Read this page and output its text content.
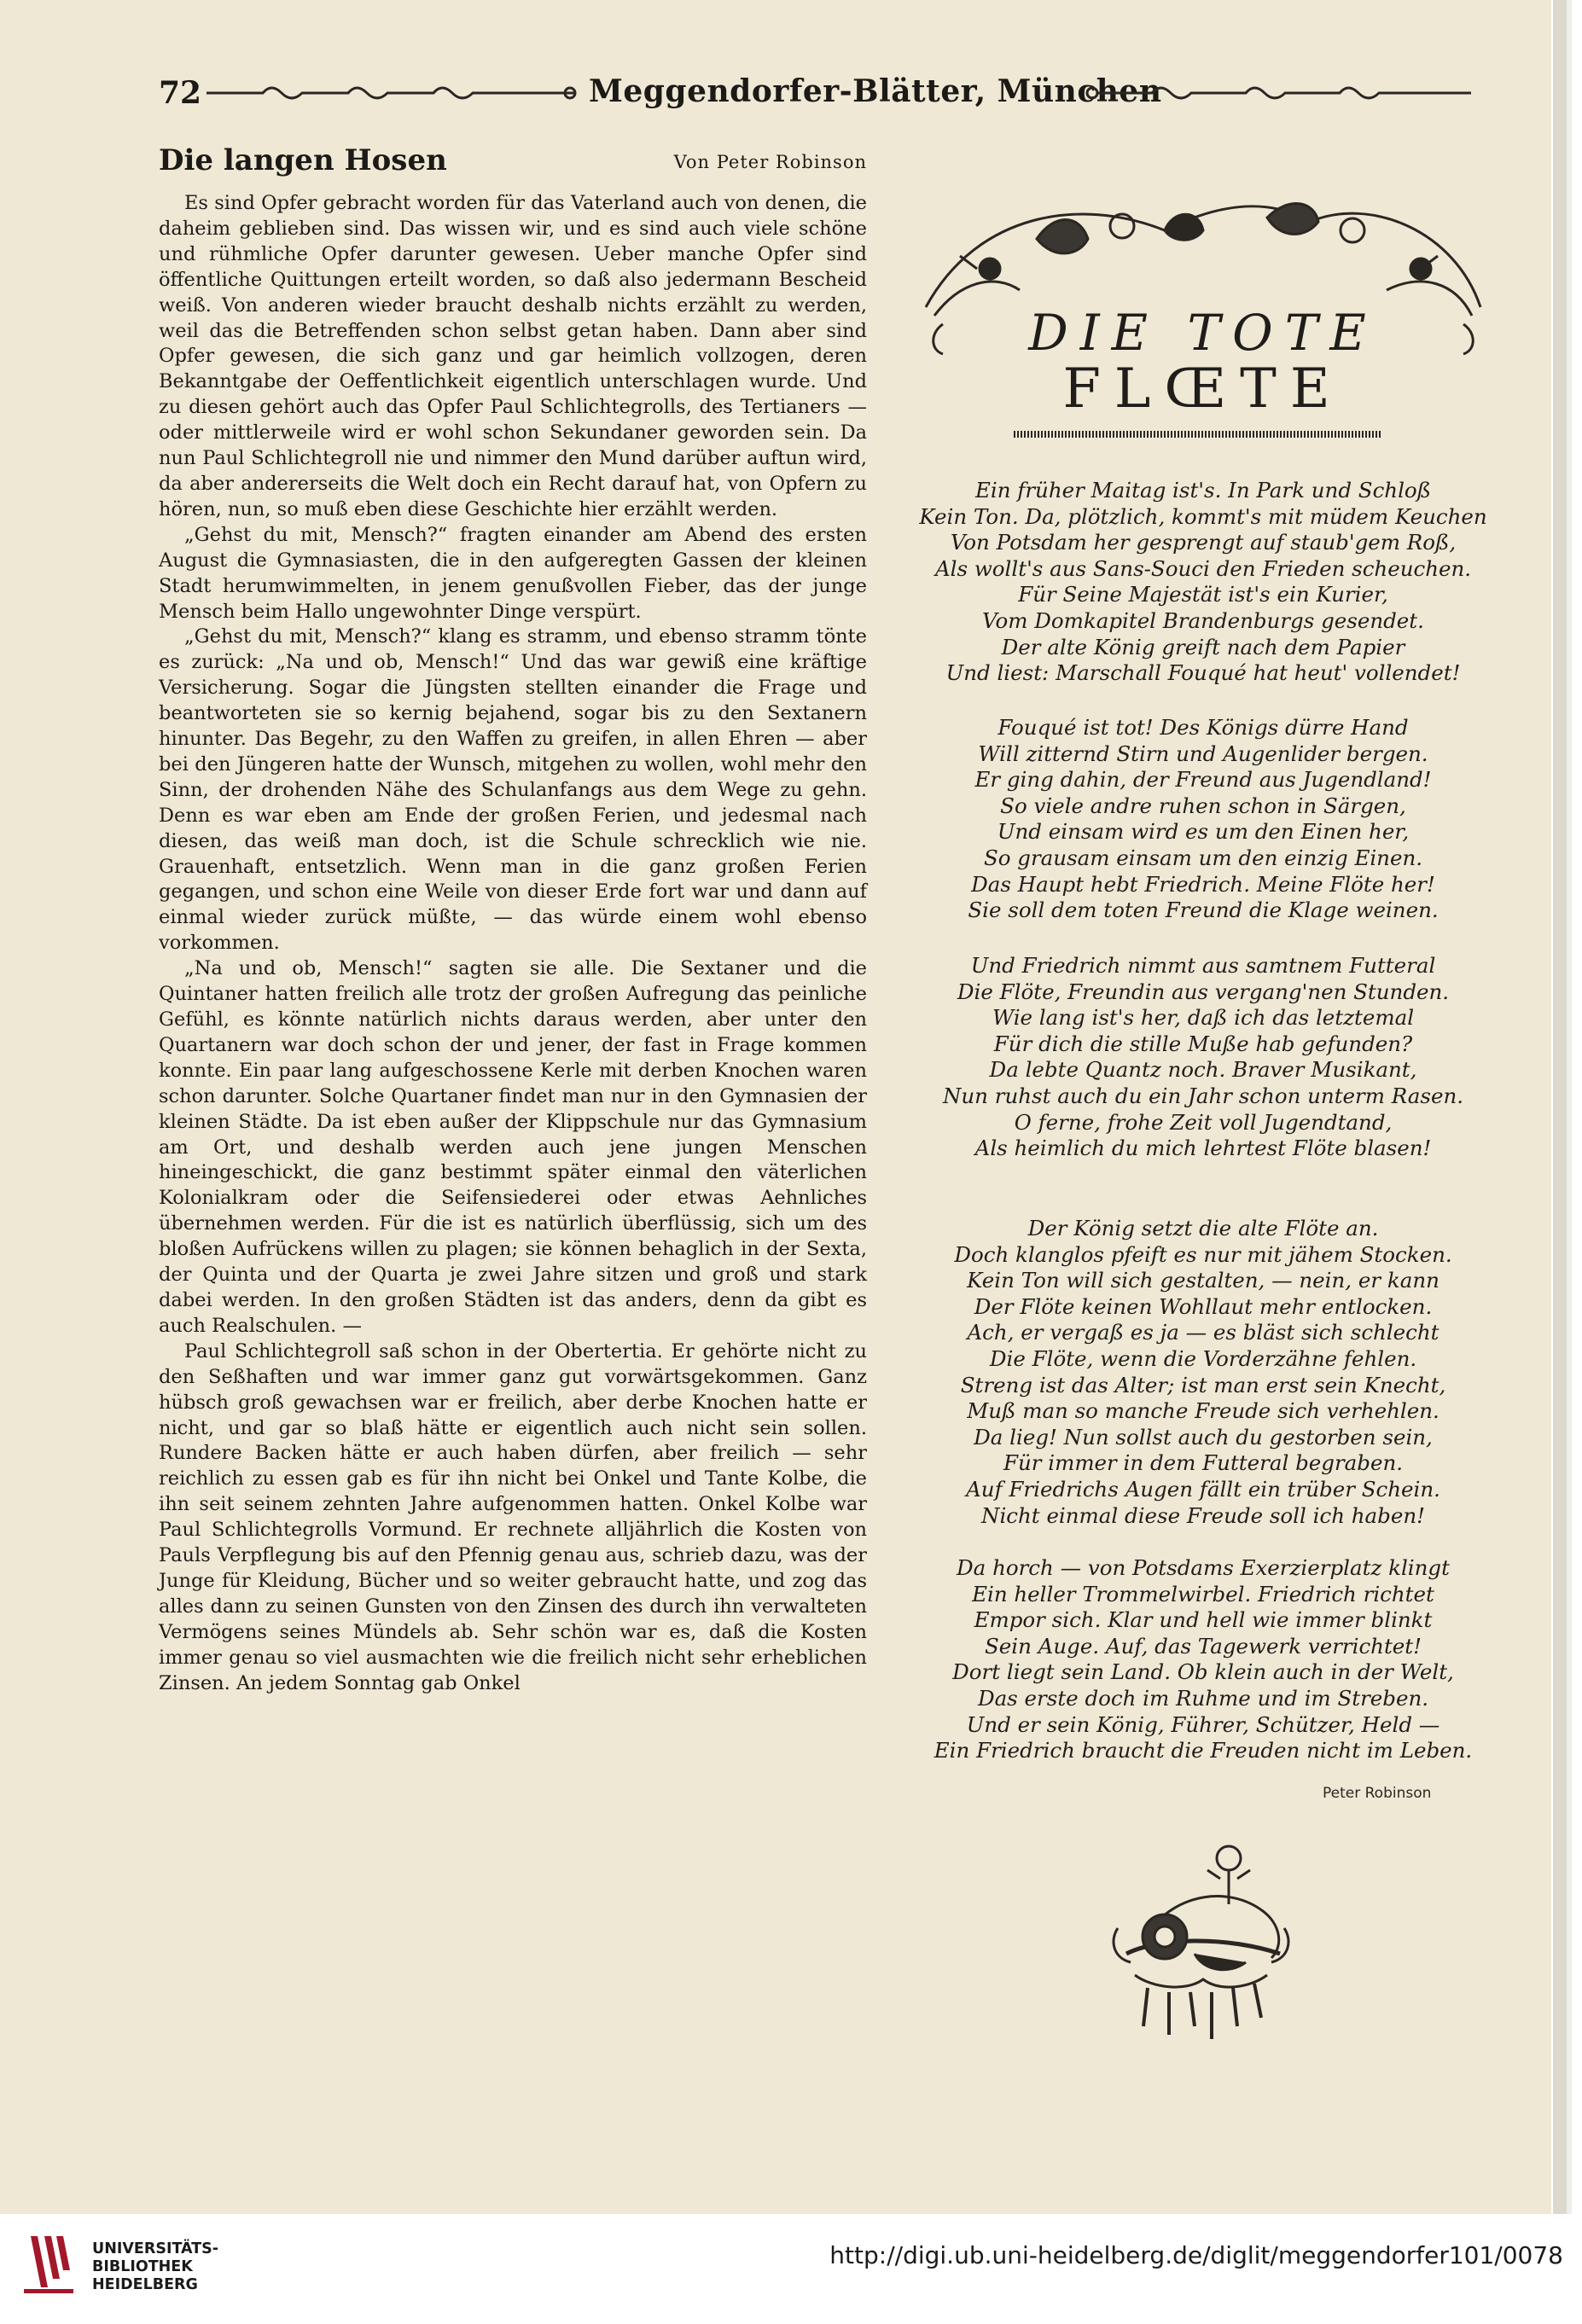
72	Meggendorfer-Blätter, München
Die langen Hosen	Von Peter Robinson

Es sind Opfer gebracht worden für das Vaterland auch von denen, die daheim geblieben sind. Das wissen wir, und es sind auch viele schöne und rühmliche Opfer darunter gewesen. Ueber manche Opfer sind öffentliche Quittungen erteilt worden, so daß also jedermann Bescheid weiß. Von anderen wieder braucht deshalb nichts erzählt zu werden, weil das die Betreffenden schon selbst getan haben. Dann aber sind Opfer gewesen, die sich ganz und gar heimlich vollzogen, deren Bekanntgabe der Oeffentlichkeit eigentlich unterschlagen wurde. Und zu diesen gehört auch das Opfer Paul Schlichtegrolls, des Tertianers — oder mittlerweile wird er wohl schon Sekundaner geworden sein. Da nun Paul Schlichtegroll nie und nimmer den Mund darüber auftun wird, da aber andererseits die Welt doch ein Recht darauf hat, von Opfern zu hören, nun, so muß eben diese Geschichte hier erzählt werden.

„Gehst du mit, Mensch?“ fragten einander am Abend des ersten August die Gymnasiasten, die in den aufgeregten Gassen der kleinen Stadt herumwimmelten, in jenem genußvollen Fieber, das der junge Mensch beim Hallo ungewohnter Dinge verspürt.

„Gehst du mit, Mensch?“ klang es stramm, und ebenso stramm tönte es zurück: „Na und ob, Mensch!“ Und das war gewiß eine kräftige Versicherung. Sogar die Jüngsten stellten einander die Frage und beantworteten sie so kernig bejahend, sogar bis zu den Sextanern hinunter. Das Begehr, zu den Waffen zu greifen, in allen Ehren — aber bei den Jüngeren hatte der Wunsch, mitgehen zu wollen, wohl mehr den Sinn, der drohenden Nähe des Schulanfangs aus dem Wege zu gehn. Denn es war eben am Ende der großen Ferien, und jedesmal nach diesen, das weiß man doch, ist die Schule schrecklich wie nie. Grauenhaft, entsetzlich. Wenn man in die ganz großen Ferien gegangen, und schon eine Weile von dieser Erde fort war und dann auf einmal wieder zurück müßte, — das würde einem wohl ebenso vorkommen.

„Na und ob, Mensch!“ sagten sie alle. Die Sextaner und die Quintaner hatten freilich alle trotz der großen Aufregung das peinliche Gefühl, es könnte natürlich nichts daraus werden, aber unter den Quartanern war doch schon der und jener, der fast in Frage kommen konnte. Ein paar lang aufgeschossene Kerle mit derben Knochen waren schon darunter. Solche Quartaner findet man nur in den Gymnasien der kleinen Städte. Da ist eben außer der Klippschule nur das Gymnasium am Ort, und deshalb werden auch jene jungen Menschen hineingeschickt, die ganz bestimmt später einmal den väterlichen Kolonialkram oder die Seifensiederei oder etwas Aehnliches übernehmen werden. Für die ist es natürlich überflüssig, sich um des bloßen Aufrückens willen zu plagen; sie können behaglich in der Sexta, der Quinta und der Quarta je zwei Jahre sitzen und groß und stark dabei werden. In den großen Städten ist das anders, denn da gibt es auch Realschulen. —

Paul Schlichtegroll saß schon in der Obertertia. Er gehörte nicht zu den Seßhaften und war immer ganz gut vorwärtsgekommen. Ganz hübsch groß gewachsen war er freilich, aber derbe Knochen hatte er nicht, und gar so blaß hätte er eigentlich auch nicht sein sollen. Rundere Backen hätte er auch haben dürfen, aber freilich — sehr reichlich zu essen gab es für ihn nicht bei Onkel und Tante Kolbe, die ihn seit seinem zehnten Jahre aufgenommen hatten. Onkel Kolbe war Paul Schlichtegrolls Vormund. Er rechnete alljährlich die Kosten von Pauls Verpflegung bis auf den Pfennig genau aus, schrieb dazu, was der Junge für Kleidung, Bücher und so weiter gebraucht hatte, und zog das alles dann zu seinen Gunsten von den Zinsen des durch ihn verwalteten Vermögens seines Mündels ab. Sehr schön war es, daß die Kosten immer genau so viel ausmachten wie die freilich nicht sehr erheblichen Zinsen. An jedem Sonntag gab Onkel

DIE TOTE
FLŒTE
Ein früher Maitag ist's. In Park und Schloß
Kein Ton. Da, plötzlich, kommt's mit müdem Keuchen
Von Potsdam her gesprengt auf staub'gem Roß,
Als wollt's aus Sans-Souci den Frieden scheuchen.
Für Seine Majestät ist's ein Kurier,
Vom Domkapitel Brandenburgs gesendet.
Der alte König greift nach dem Papier
Und liest: Marschall Fouqué hat heut' vollendet!
Fouqué ist tot! Des Königs dürre Hand
Will zitternd Stirn und Augenlider bergen.
Er ging dahin, der Freund aus Jugendland!
So viele andre ruhen schon in Särgen,
Und einsam wird es um den Einen her,
So grausam einsam um den einzig Einen.
Das Haupt hebt Friedrich. Meine Flöte her!
Sie soll dem toten Freund die Klage weinen.
Und Friedrich nimmt aus samtnem Futteral
Die Flöte, Freundin aus vergang'nen Stunden.
Wie lang ist's her, daß ich das letztemal
Für dich die stille Muße hab gefunden?
Da lebte Quantz noch. Braver Musikant,
Nun ruhst auch du ein Jahr schon unterm Rasen.
O ferne, frohe Zeit voll Jugendtand,
Als heimlich du mich lehrtest Flöte blasen!
Der König setzt die alte Flöte an.
Doch klanglos pfeift es nur mit jähem Stocken.
Kein Ton will sich gestalten, — nein, er kann
Der Flöte keinen Wohllaut mehr entlocken.
Ach, er vergaß es ja — es bläst sich schlecht
Die Flöte, wenn die Vorderzähne fehlen.
Streng ist das Alter; ist man erst sein Knecht,
Muß man so manche Freude sich verhehlen.
Da lieg! Nun sollst auch du gestorben sein,
Für immer in dem Futteral begraben.
Auf Friedrichs Augen fällt ein trüber Schein.
Nicht einmal diese Freude soll ich haben!
Da horch — von Potsdams Exerzierplatz klingt
Ein heller Trommelwirbel. Friedrich richtet
Empor sich. Klar und hell wie immer blinkt
Sein Auge. Auf, das Tagewerk verrichtet!
Dort liegt sein Land. Ob klein auch in der Welt,
Das erste doch im Ruhme und im Streben.
Und er sein König, Führer, Schützer, Held —
Ein Friedrich braucht die Freuden nicht im Leben.
Peter Robinson
UNIVERSITÄTS-
BIBLIOTHEK
HEIDELBERG
http://digi.ub.uni-heidelberg.de/diglit/meggendorfer101/0078
